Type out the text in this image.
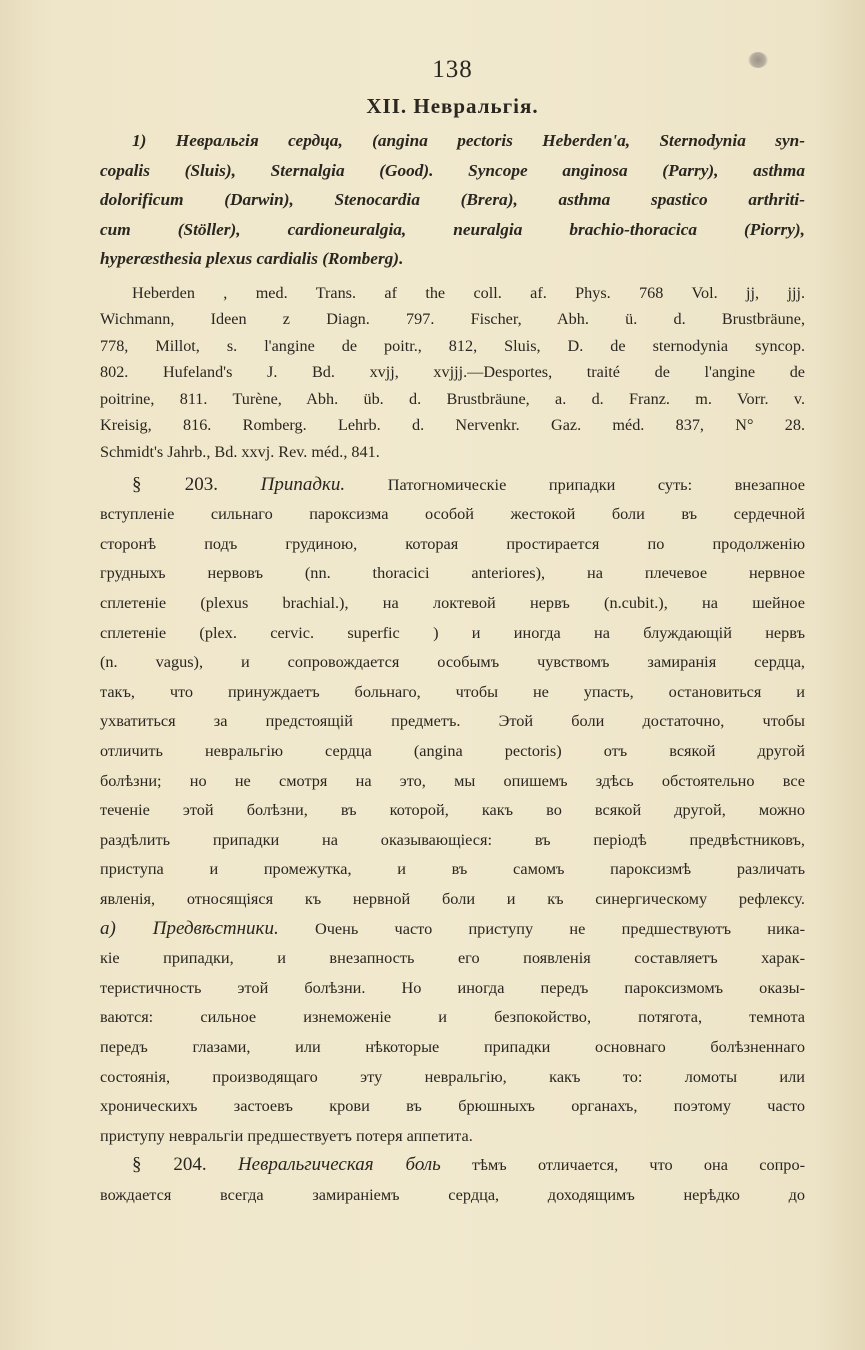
138
XII. Невральгія.
1) Невральгія сердца, (angina pectoris Heberden'а, Sternodynia syn-
copalis (Sluis), Sternalgia (Good). Syncope anginosa (Parry), asthma
dolorificum (Darwin), Stenocardia (Brera), asthma spastico arthriti-
cum (Stöller), cardioneuralgia, neuralgia brachio-thoracica (Piorry),
hyperæsthesia plexus cardialis (Romberg).
Heberden , med. Trans. af the coll. af. Phys. 768 Vol. jj, jjj.
Wichmann, Ideen z Diagn. 797. Fischer, Abh. ü. d. Brustbräune,
778, Millot, s. l'angine de poitr., 812, Sluis, D. de sternodynia syncop.
802. Hufeland's J. Bd. xvjj, xvjjj.—Desportes, traité de l'angine de
poitrine, 811. Turène, Abh. üb. d. Brustbräune, a. d. Franz. m. Vorr. v.
Kreisig, 816. Romberg. Lehrb. d. Nervenkr. Gaz. méd. 837, N° 28.
Schmidt's Jahrb., Bd. xxvj. Rev. méd., 841.
§ 203. Припадки.	Патогномическіе припадки суть: внезапное
вступленіе сильнаго пароксизма особой жестокой боли въ сердечной
сторонѣ подъ грудиною, которая простирается по продолженію
грудныхъ нервовъ (nn. thoracici anteriores), на плечевое нервное
сплетеніе (plexus brachial.), на локтевой нервъ (n.cubit.), на шейное
сплетеніе (plex. cervic. superfic ) и иногда на блуждающій нервъ
(n. vagus), и сопровождается особымъ чувствомъ замиранія сердца,
такъ, что принуждаетъ больнаго, чтобы не упасть, остановиться и
ухватиться за предстоящій предметъ. Этой боли достаточно, чтобы
отличить невральгію сердца (angina pectoris) отъ всякой другой
болѣзни; но не смотря на это, мы опишемъ здѣсь обстоятельно все
теченіе этой болѣзни, въ которой, какъ во всякой другой, можно
раздѣлить припадки на оказывающіеся: въ періодѣ предвѣстниковъ,
приступа и промежутка, и въ самомъ пароксизмѣ различать
явленія, относящіяся къ нервной боли и къ синергическому рефлексу.
а) Предвѣстники. Очень часто приступу не предшествуютъ ника-
кіе припадки, и внезапность его появленія составляетъ харак-
теристичность этой болѣзни. Но иногда передъ пароксизмомъ оказы-
ваются: сильное изнеможеніе и безпокойство, потягота, темнота
передъ глазами, или нѣкоторые припадки основнаго болѣзненнаго
состоянія, производящаго эту невральгію, какъ то: ломоты или
хроническихъ застоевъ крови въ брюшныхъ органахъ, поэтому часто
приступу невральгіи предшествуетъ потеря аппетита.
§ 204. Невральгическая боль тѣмъ отличается, что она сопро-
вождается всегда замираніемъ сердца, доходящимъ нерѣдко до
